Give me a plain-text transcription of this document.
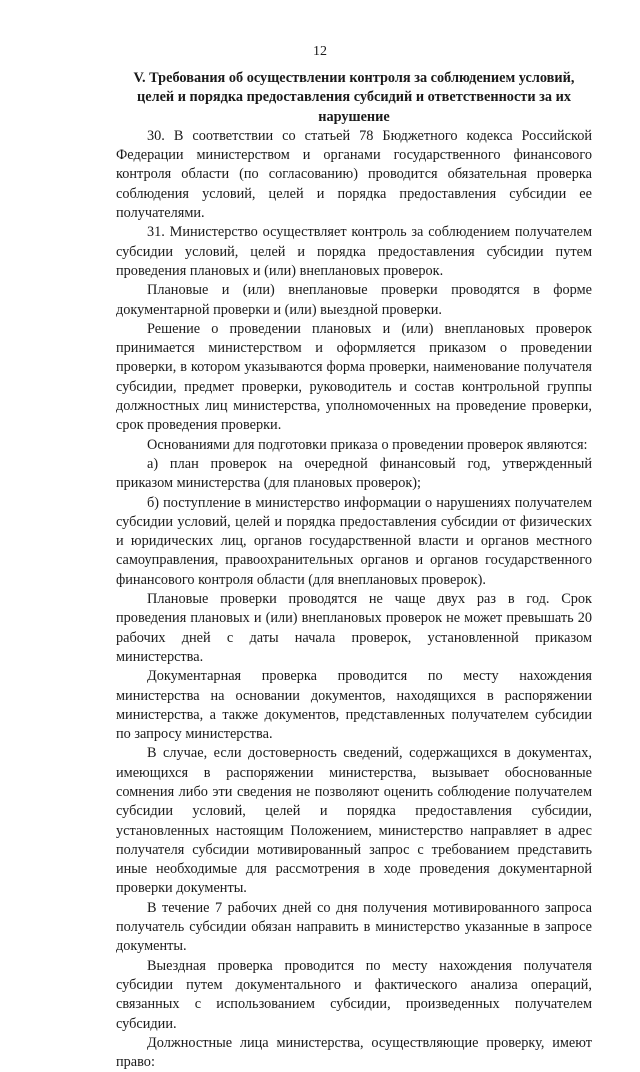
12

V. Требования об осуществлении контроля за соблюдением условий, целей и порядка предоставления субсидий и ответственности за их нарушение

30. В соответствии со статьей 78 Бюджетного кодекса Российской Федерации министерством и органами государственного финансового контроля области (по согласованию) проводится обязательная проверка соблюдения условий, целей и порядка предоставления субсидии ее получателями.

31. Министерство осуществляет контроль за соблюдением получателем субсидии условий, целей и порядка предоставления субсидии путем проведения плановых и (или) внеплановых проверок.

Плановые и (или) внеплановые проверки проводятся в форме документарной проверки и (или) выездной проверки.

Решение о проведении плановых и (или) внеплановых проверок принимается министерством и оформляется приказом о проведении проверки, в котором указываются форма проверки, наименование получателя субсидии, предмет проверки, руководитель и состав контрольной группы должностных лиц министерства, уполномоченных на проведение проверки, срок проведения проверки.

Основаниями для подготовки приказа о проведении проверок являются:

а) план проверок на очередной финансовый год, утвержденный приказом министерства (для плановых проверок);

б) поступление в министерство информации о нарушениях получателем субсидии условий, целей и порядка предоставления субсидии от физических и юридических лиц, органов государственной власти и органов местного самоуправления, правоохранительных органов и органов государственного финансового контроля области (для внеплановых проверок).

Плановые проверки проводятся не чаще двух раз в год. Срок проведения плановых и (или) внеплановых проверок не может превышать 20 рабочих дней с даты начала проверок, установленной приказом министерства.

Документарная проверка проводится по месту нахождения министерства на основании документов, находящихся в распоряжении министерства, а также документов, представленных получателем субсидии по запросу министерства.

В случае, если достоверность сведений, содержащихся в документах, имеющихся в распоряжении министерства, вызывает обоснованные сомнения либо эти сведения не позволяют оценить соблюдение получателем субсидии условий, целей и порядка предоставления субсидии, установленных настоящим Положением, министерство направляет в адрес получателя субсидии мотивированный запрос с требованием представить иные необходимые для рассмотрения в ходе проведения документарной проверки документы.

В течение 7 рабочих дней со дня получения мотивированного запроса получатель субсидии обязан направить в министерство указанные в запросе документы.

Выездная проверка проводится по месту нахождения получателя субсидии путем документального и фактического анализа операций, связанных с использованием субсидии, произведенных получателем субсидии.

Должностные лица министерства, осуществляющие проверку, имеют право:
